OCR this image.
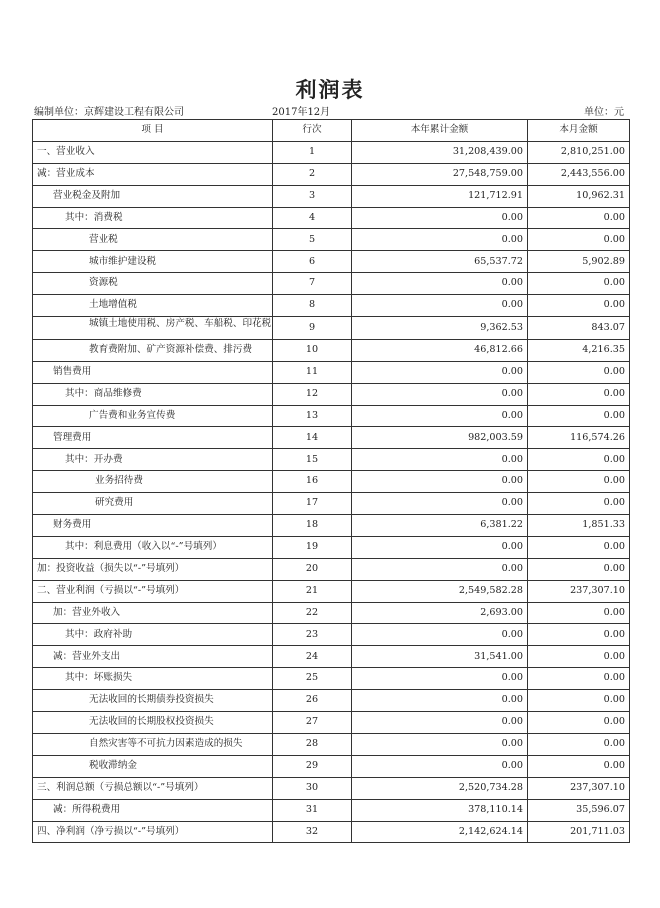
利润表
编制单位：京辉建设工程有限公司	2017年12月	单位：元
项 目	行次	本年累计金额	本月金额
一、营业收入	1	31,208,439.00	2,810,251.00
减：营业成本	2	27,548,759.00	2,443,556.00
营业税金及附加	3	121,712.91	10,962.31
其中：消费税	4	0.00	0.00
营业税	5	0.00	0.00
城市维护建设税	6	65,537.72	5,902.89
资源税	7	0.00	0.00
土地增值税	8	0.00	0.00
城镇土地使用税、房产税、车船税、印花税	9	9,362.53	843.07
教育费附加、矿产资源补偿费、排污费	10	46,812.66	4,216.35
销售费用	11	0.00	0.00
其中：商品维修费	12	0.00	0.00
广告费和业务宣传费	13	0.00	0.00
管理费用	14	982,003.59	116,574.26
其中：开办费	15	0.00	0.00
业务招待费	16	0.00	0.00
研究费用	17	0.00	0.00
财务费用	18	6,381.22	1,851.33
其中：利息费用（收入以“-”号填列）	19	0.00	0.00
加：投资收益（损失以“-”号填列）	20	0.00	0.00
二、营业利润（亏损以“-”号填列）	21	2,549,582.28	237,307.10
加：营业外收入	22	2,693.00	0.00
其中：政府补助	23	0.00	0.00
减：营业外支出	24	31,541.00	0.00
其中：坏账损失	25	0.00	0.00
无法收回的长期债券投资损失	26	0.00	0.00
无法收回的长期股权投资损失	27	0.00	0.00
自然灾害等不可抗力因素造成的损失	28	0.00	0.00
税收滞纳金	29	0.00	0.00
三、利润总额（亏损总额以“-”号填列）	30	2,520,734.28	237,307.10
减：所得税费用	31	378,110.14	35,596.07
四、净利润（净亏损以“-”号填列）	32	2,142,624.14	201,711.03
